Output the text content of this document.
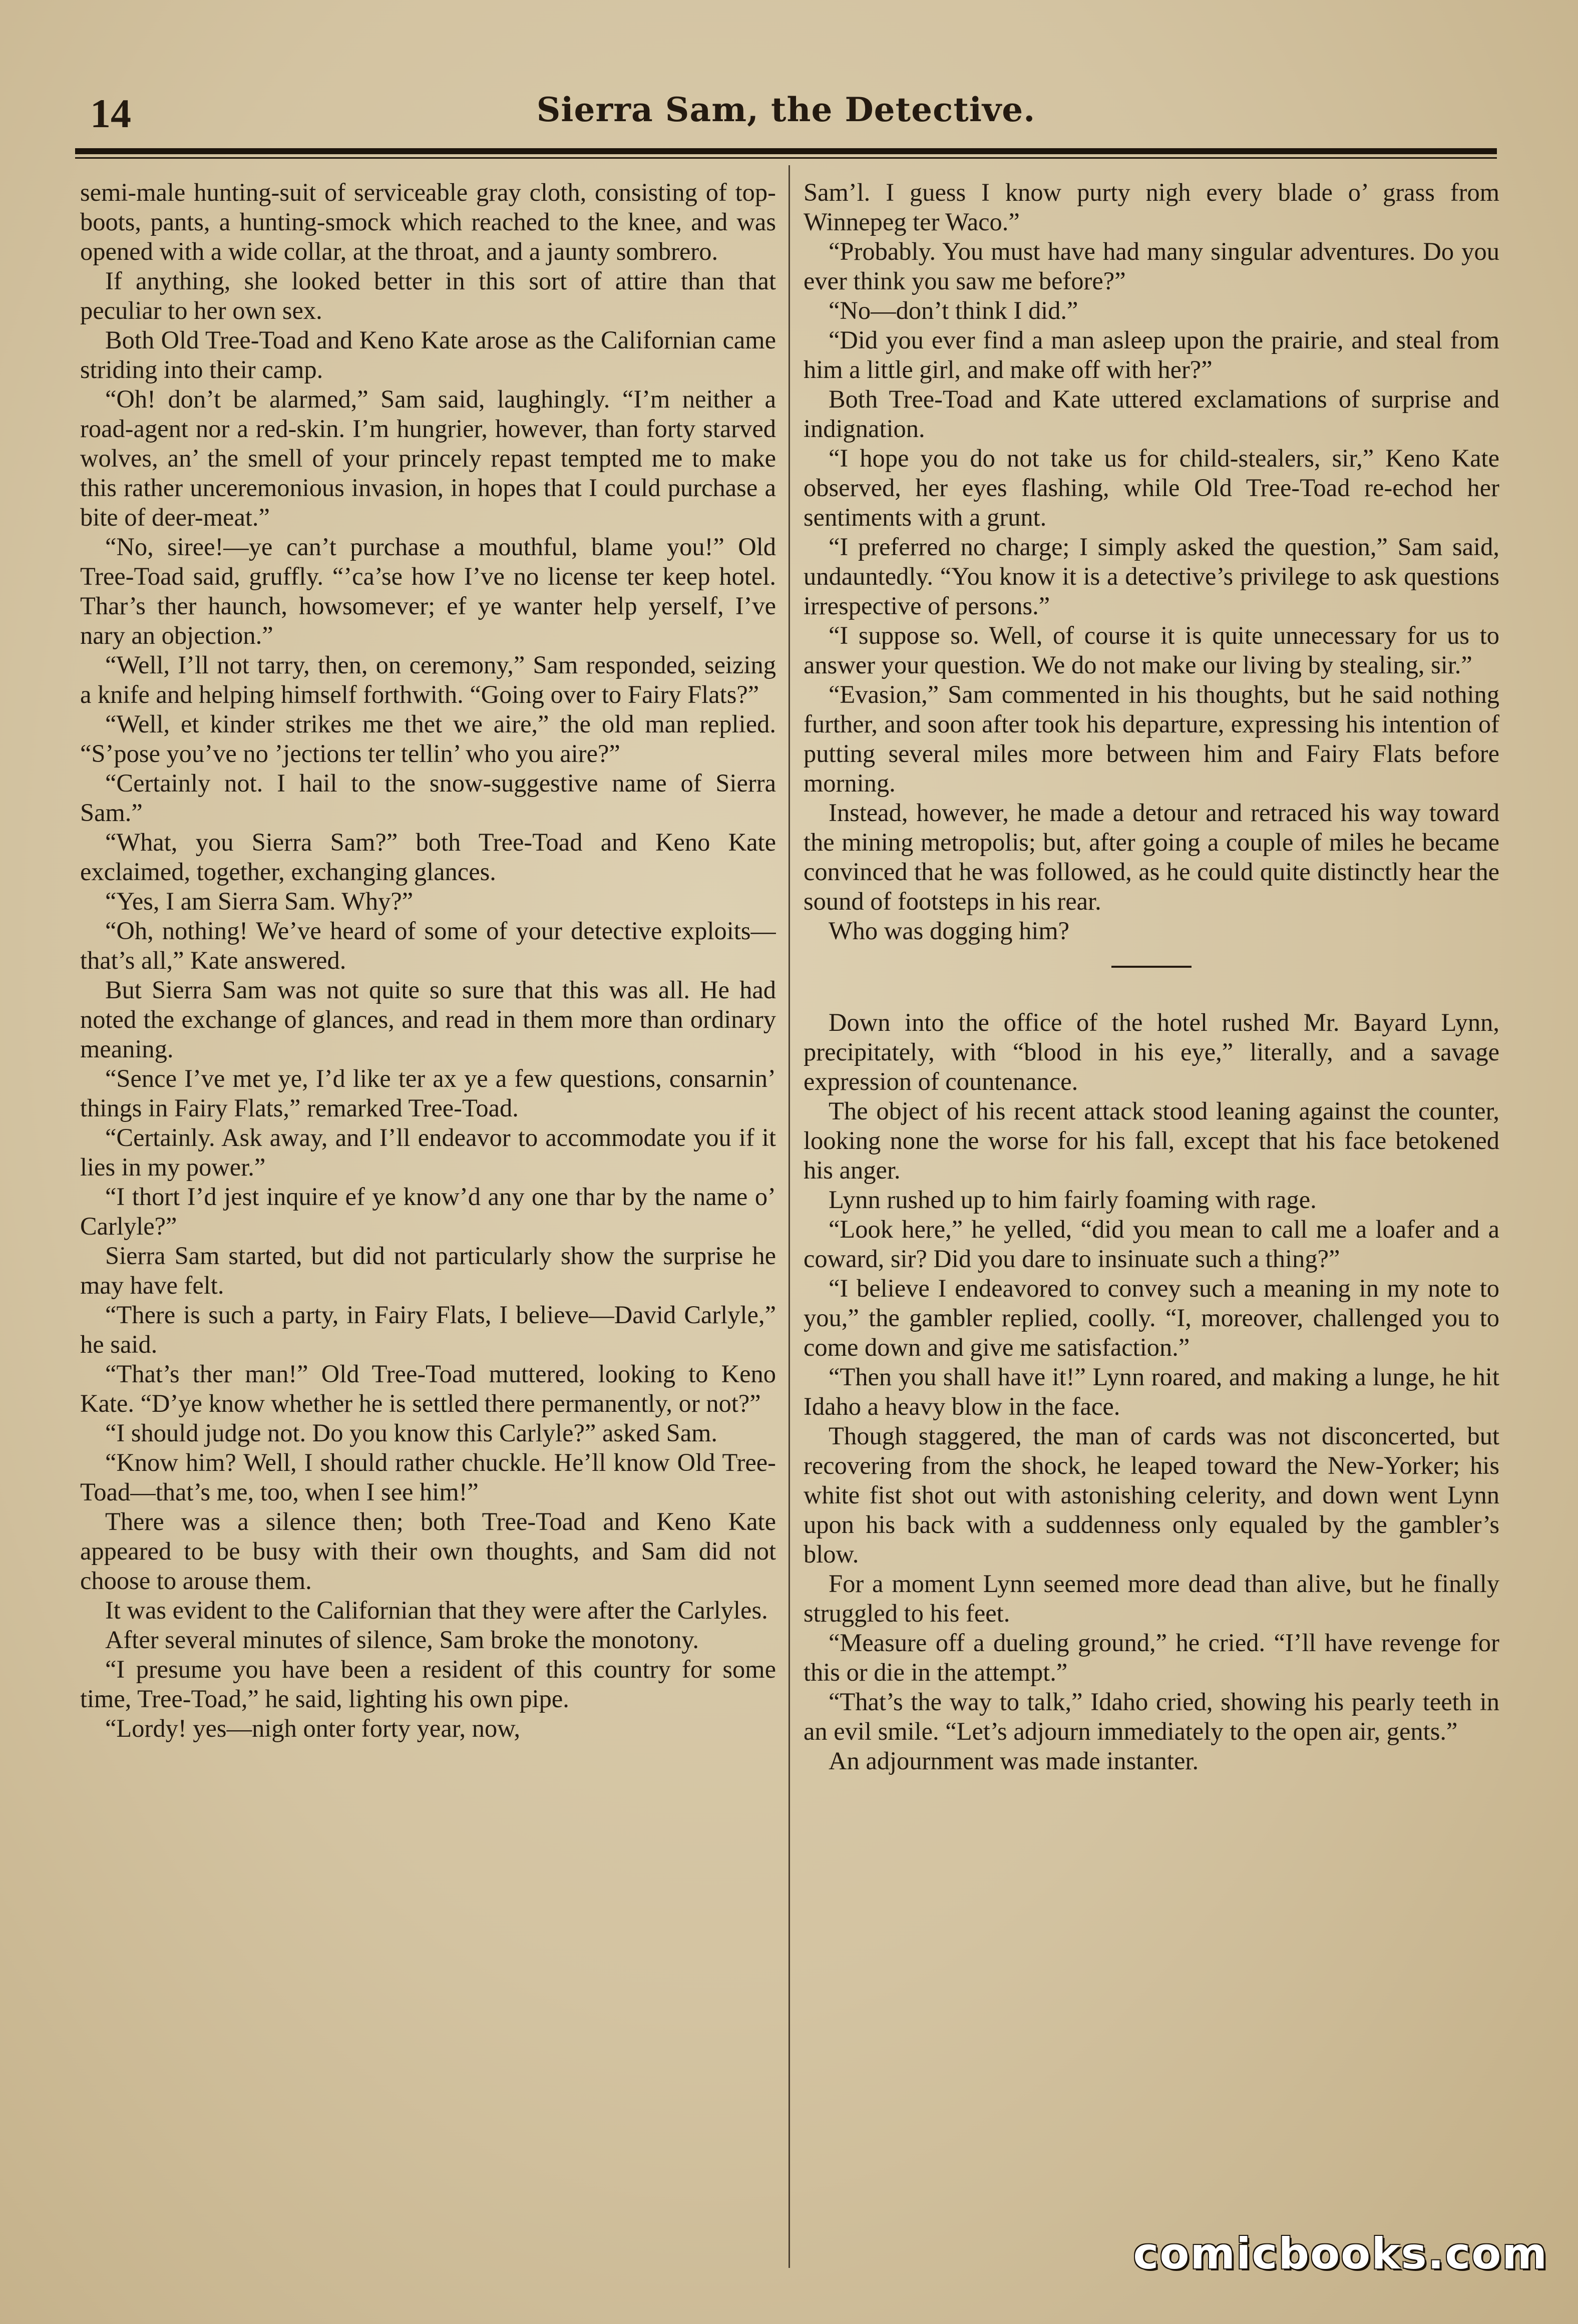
14	Sierra Sam, the Detective.

semi-male hunting-suit of serviceable gray cloth, consisting of top-boots, pants, a hunting-smock which reached to the knee, and was opened with a wide collar, at the throat, and a jaunty sombrero.

If anything, she looked better in this sort of attire than that peculiar to her own sex.

Both Old Tree-Toad and Keno Kate arose as the Californian came striding into their camp.

“Oh! don’t be alarmed,” Sam said, laughingly. “I’m neither a road-agent nor a red-skin. I’m hungrier, however, than forty starved wolves, an’ the smell of your princely repast tempted me to make this rather unceremonious invasion, in hopes that I could purchase a bite of deer-meat.”

“No, siree!—ye can’t purchase a mouthful, blame you!” Old Tree-Toad said, gruffly. “’ca’se how I’ve no license ter keep hotel. Thar’s ther haunch, howsomever; ef ye wanter help yerself, I’ve nary an objection.”

“Well, I’ll not tarry, then, on ceremony,” Sam responded, seizing a knife and helping himself forthwith. “Going over to Fairy Flats?”

“Well, et kinder strikes me thet we aire,” the old man replied. “S’pose you’ve no ’jections ter tellin’ who you aire?”

“Certainly not. I hail to the snow-suggestive name of Sierra Sam.”

“What, you Sierra Sam?” both Tree-Toad and Keno Kate exclaimed, together, exchanging glances.

“Yes, I am Sierra Sam. Why?”

“Oh, nothing! We’ve heard of some of your detective exploits—that’s all,” Kate answered.

But Sierra Sam was not quite so sure that this was all. He had noted the exchange of glances, and read in them more than ordinary meaning.

“Sence I’ve met ye, I’d like ter ax ye a few questions, consarnin’ things in Fairy Flats,” remarked Tree-Toad.

“Certainly. Ask away, and I’ll endeavor to accommodate you if it lies in my power.”

“I thort I’d jest inquire ef ye know’d any one thar by the name o’ Carlyle?”

Sierra Sam started, but did not particularly show the surprise he may have felt.

“There is such a party, in Fairy Flats, I believe—David Carlyle,” he said.

“That’s ther man!” Old Tree-Toad muttered, looking to Keno Kate. “D’ye know whether he is settled there permanently, or not?”

“I should judge not. Do you know this Carlyle?” asked Sam.

“Know him? Well, I should rather chuckle. He’ll know Old Tree-Toad—that’s me, too, when I see him!”

There was a silence then; both Tree-Toad and Keno Kate appeared to be busy with their own thoughts, and Sam did not choose to arouse them.

It was evident to the Californian that they were after the Carlyles.

After several minutes of silence, Sam broke the monotony.

“I presume you have been a resident of this country for some time, Tree-Toad,” he said, lighting his own pipe.

“Lordy! yes—nigh onter forty year, now,

Sam’l. I guess I know purty nigh every blade o’ grass from Winnepeg ter Waco.”

“Probably. You must have had many singular adventures. Do you ever think you saw me before?”

“No—don’t think I did.”

“Did you ever find a man asleep upon the prairie, and steal from him a little girl, and make off with her?”

Both Tree-Toad and Kate uttered exclamations of surprise and indignation.

“I hope you do not take us for child-stealers, sir,” Keno Kate observed, her eyes flashing, while Old Tree-Toad re-echod her sentiments with a grunt.

“I preferred no charge; I simply asked the question,” Sam said, undauntedly. “You know it is a detective’s privilege to ask questions irrespective of persons.”

“I suppose so. Well, of course it is quite unnecessary for us to answer your question. We do not make our living by stealing, sir.”

“Evasion,” Sam commented in his thoughts, but he said nothing further, and soon after took his departure, expressing his intention of putting several miles more between him and Fairy Flats before morning.

Instead, however, he made a detour and retraced his way toward the mining metropolis; but, after going a couple of miles he became convinced that he was followed, as he could quite distinctly hear the sound of footsteps in his rear.

Who was dogging him?

Down into the office of the hotel rushed Mr. Bayard Lynn, precipitately, with “blood in his eye,” literally, and a savage expression of countenance.

The object of his recent attack stood leaning against the counter, looking none the worse for his fall, except that his face betokened his anger.

Lynn rushed up to him fairly foaming with rage.

“Look here,” he yelled, “did you mean to call me a loafer and a coward, sir? Did you dare to insinuate such a thing?”

“I believe I endeavored to convey such a meaning in my note to you,” the gambler replied, coolly. “I, moreover, challenged you to come down and give me satisfaction.”

“Then you shall have it!” Lynn roared, and making a lunge, he hit Idaho a heavy blow in the face.

Though staggered, the man of cards was not disconcerted, but recovering from the shock, he leaped toward the New-Yorker; his white fist shot out with astonishing celerity, and down went Lynn upon his back with a suddenness only equaled by the gambler’s blow.

For a moment Lynn seemed more dead than alive, but he finally struggled to his feet.

“Measure off a dueling ground,” he cried. “I’ll have revenge for this or die in the attempt.”

“That’s the way to talk,” Idaho cried, showing his pearly teeth in an evil smile. “Let’s adjourn immediately to the open air, gents.”

An adjournment was made instanter.

comicbooks.com
